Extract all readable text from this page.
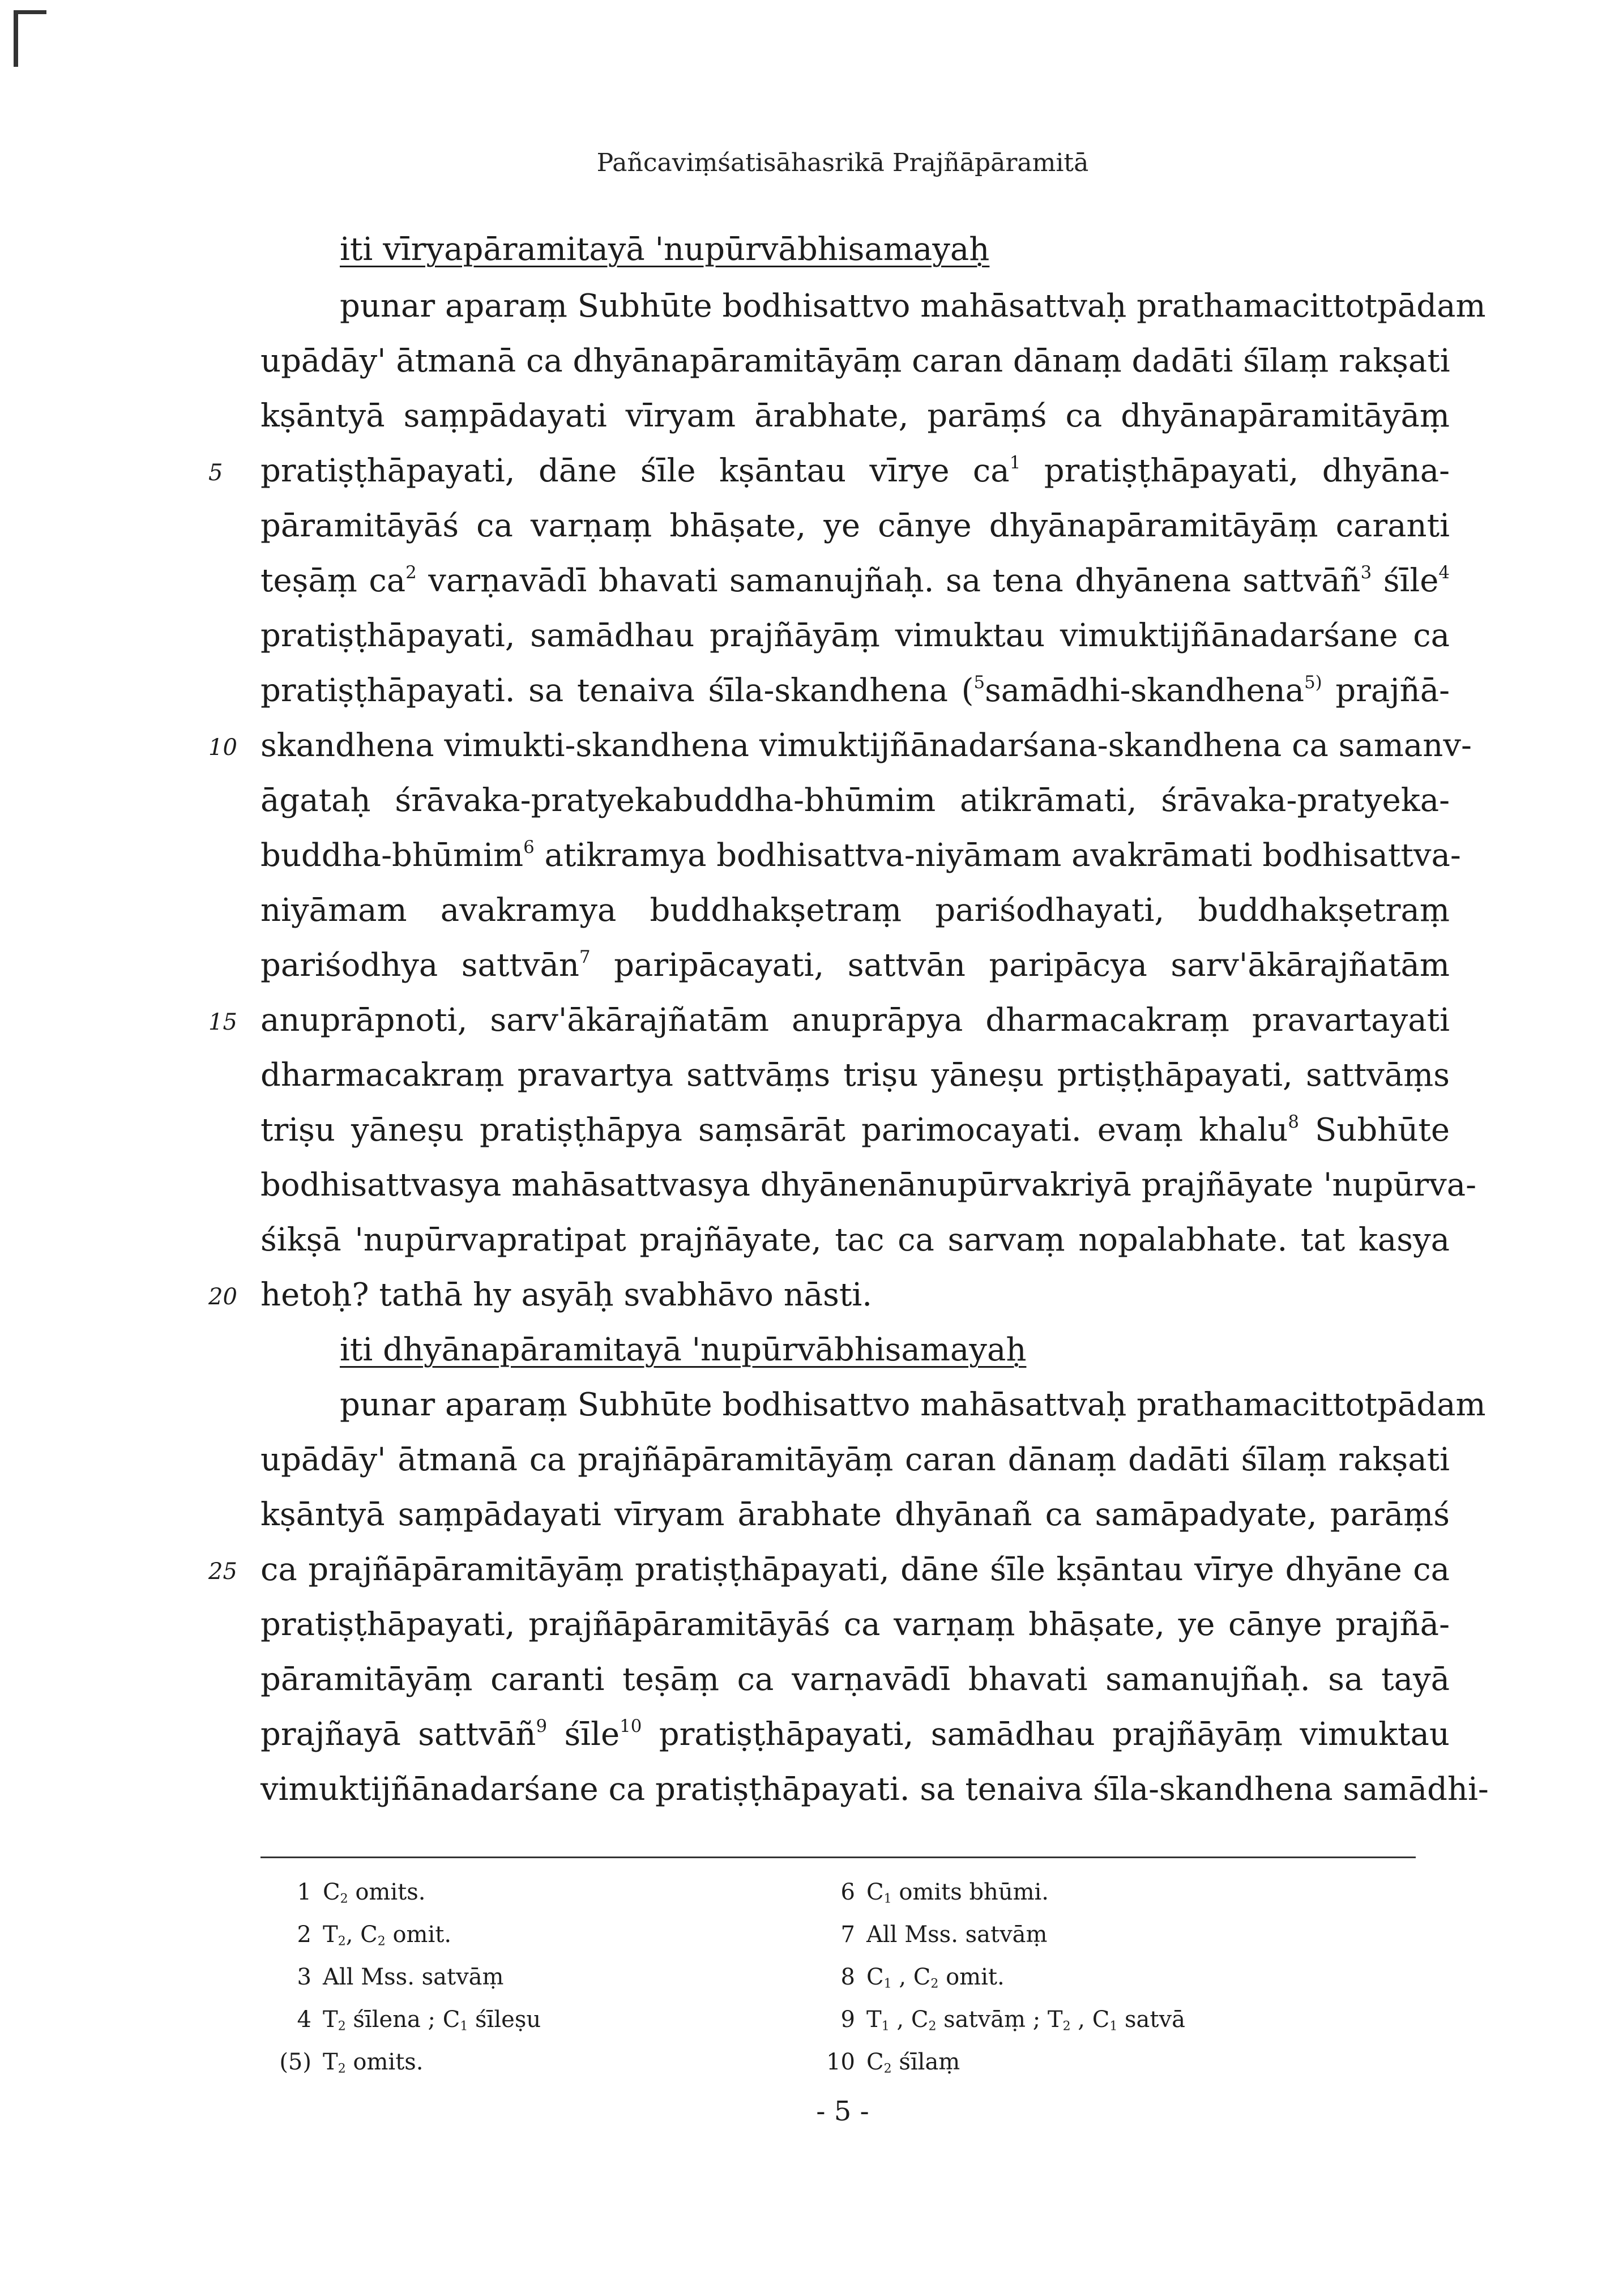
Pañcaviṃśatisāhasrikā Prajñāpāramitā
iti vīryapāramitayā 'nupūrvābhisamayaḥ
punar aparaṃ Subhūte bodhisattvo mahāsattvaḥ prathamacittotpādam
upādāy' ātmanā ca dhyānapāramitāyāṃ caran dānaṃ dadāti śīlaṃ rakṣati
kṣāntyā saṃpādayati vīryam ārabhate, parāṃś ca dhyānapāramitāyāṃ
5	pratiṣṭhāpayati, dāne śīle kṣāntau vīrye $ca^1$ pratiṣṭhāpayati, dhyāna-
pāramitāyāś ca varṇaṃ bhāṣate, ye cānye dhyānapāramitāyāṃ caranti
teṣāṃ $ca^2$ varṇavādī bhavati samanujñaḥ. sa tena dhyānena sattvāñ$^3$ śīle$^4$
pratiṣṭhāpayati, samādhau prajñāyāṃ vimuktau vimuktijñānadarśane ca
pratiṣṭhāpayati. sa tenaiva śīla-skandhena ($^5$samādhi-skandhena$^{5)}$ prajñā-
10 skandhena vimukti-skandhena vimuktijñānadarśana-skandhena ca samanv-
āgataḥ śrāvaka-pratyekabuddha-bhūmim atikrāmati, śrāvaka-pratyeka-
buddha-bhūmim$^6$ atikramya bodhisattva-niyāmam avakrāmati bodhisattva-
niyāmam avakramya buddhakṣetraṃ pariśodhayati, buddhakṣetraṃ
pariśodhya sattvān$^7$ paripācayati, sattvān paripācya sarv'ākārajñatām
15 anuprāpnoti, sarv'ākārajñatām anuprāpya dharmacakraṃ pravartayati
dharmacakraṃ pravartya sattvāṃs triṣu yāneṣu prtiṣṭhāpayati, sattvāṃs
triṣu yāneṣu pratiṣṭhāpya saṃsārāt parimocayati. evaṃ khalu$^8$ Subhūte
bodhisattvasya mahāsattvasya dhyānenānupūrvakriyā prajñāyate 'nupūrva-
śikṣā 'nupūrvapratipat prajñāyate, tac ca sarvaṃ nopalabhate. tat kasya
20 hetoḥ? tathā hy asyāḥ svabhāvo nāsti.
iti dhyānapāramitayā 'nupūrvābhisamayaḥ
punar aparaṃ Subhūte bodhisattvo mahāsattvaḥ prathamacittotpādam
upādāy' ātmanā ca prajñāpāramitāyāṃ caran dānaṃ dadāti śīlaṃ rakṣati
kṣāntyā saṃpādayati vīryam ārabhate dhyānañ ca samāpadyate, parāṃś
25 ca prajñāpāramitāyāṃ pratiṣṭhāpayati, dāne śīle kṣāntau vīrye dhyāne ca
pratiṣṭhāpayati, prajñāpāramitāyāś ca varṇaṃ bhāṣate, ye cānye prajñā-
pāramitāyāṃ caranti teṣāṃ ca varṇavādī bhavati samanujñaḥ. sa tayā
prajñayā sattvāñ$^9$ śīle$^{10}$ pratiṣṭhāpayati, samādhau prajñāyāṃ vimuktau
vimuktijñānadarśane ca pratiṣṭhāpayati. sa tenaiva śīla-skandhena samādhi-
1 $C_2$ omits.
2 $T_2$, $C_2$ omit.
3 All Mss. satvāṃ
4 $T_2$ śīlena ; $C_1$ śīleṣu
(5) $T_2$ omits.
6 $C_1$ omits bhūmi.
7 All Mss. satvāṃ
8 $C_1$ , $C_2$ omit.
9 $T_1$ , $C_2$ satvāṃ ; $T_2$ , $C_1$ satvā
10 $C_2$ śīlaṃ
- 5 -
